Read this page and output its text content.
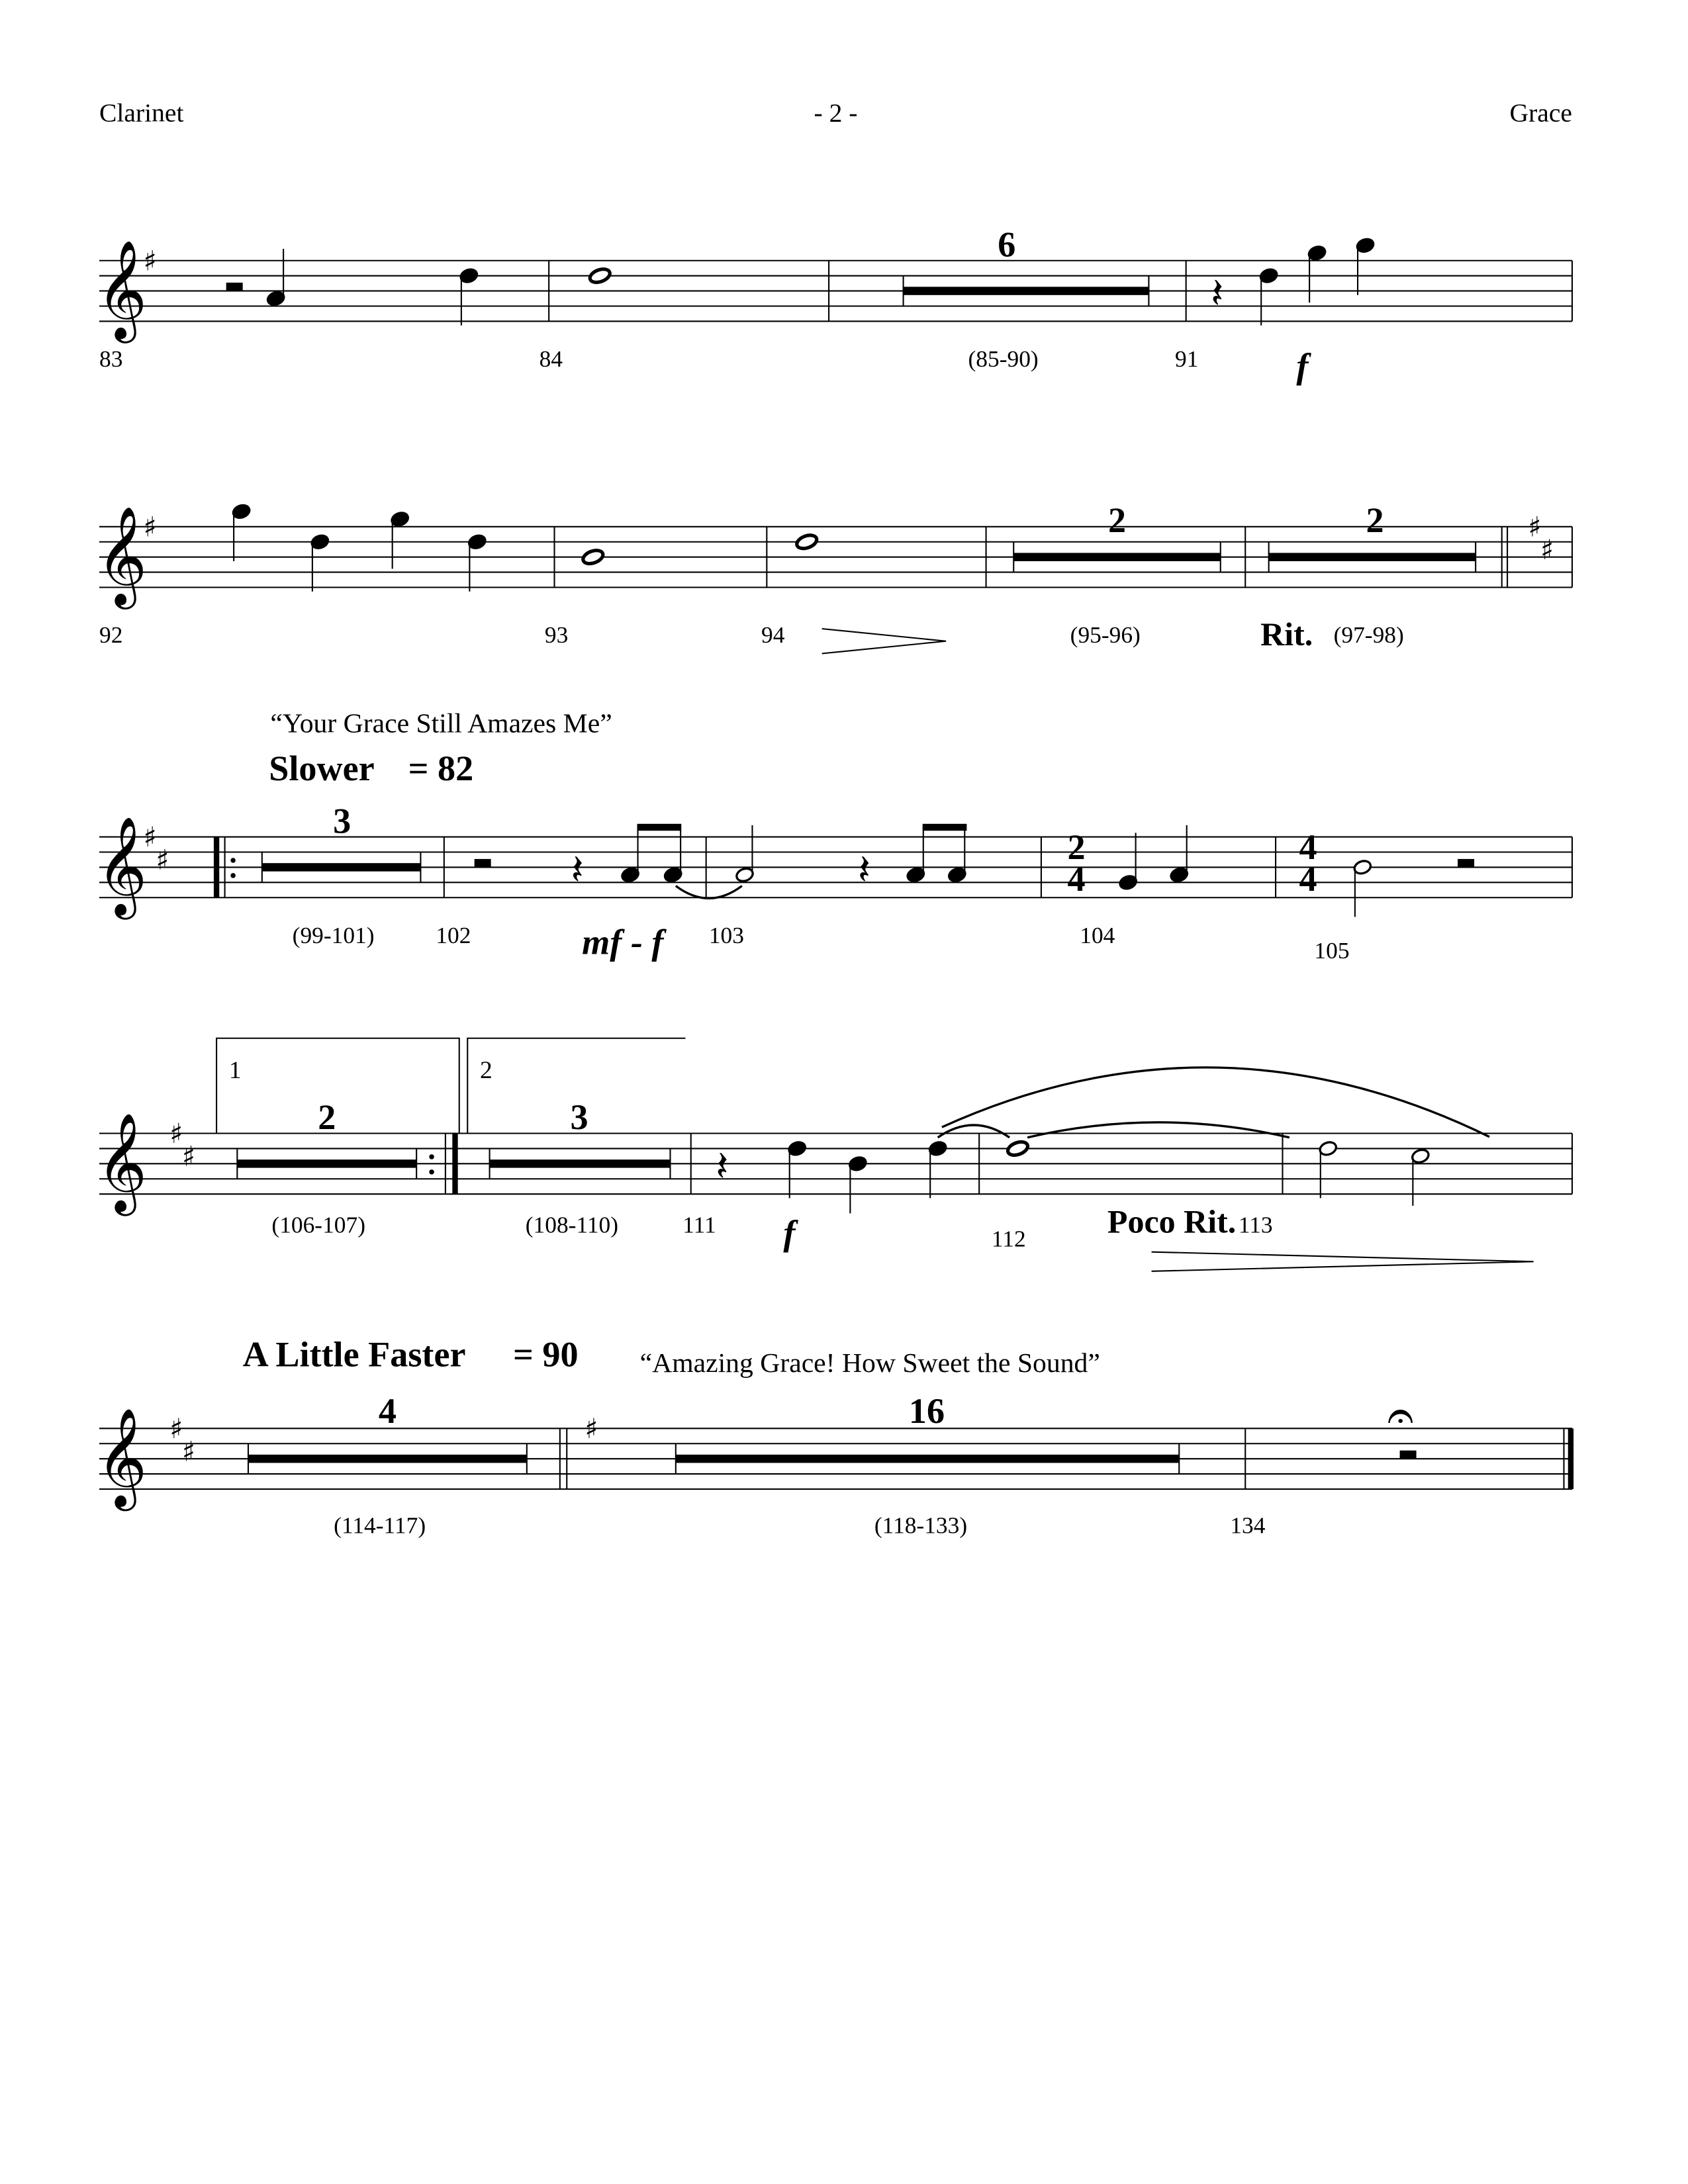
Clarinet	- 2 -	Grace
83	84	(85-90)	91
6
f
92	93	94	(95-96)	(97-98)
2	2
Rit.
“Your Grace Still Amazes Me”
Slower = 82
3
(99-101)	102	103	104
105
mf - f
2
4
4
4
1	2
2	3
(106-107)	(108-110)	111
112
113
f	Poco Rit.
A Little Faster	= 90	“Amazing Grace! How Sweet the Sound”
4	16
(114-117)	(118-133)	134
𝄞
♯
𝄽
𝄞
♯	♯
♯
𝄞
♯
♯	𝄽	𝄽
𝄞 ♯
♯	𝄽
𝄞 ♯
♯
♯	𝄐
